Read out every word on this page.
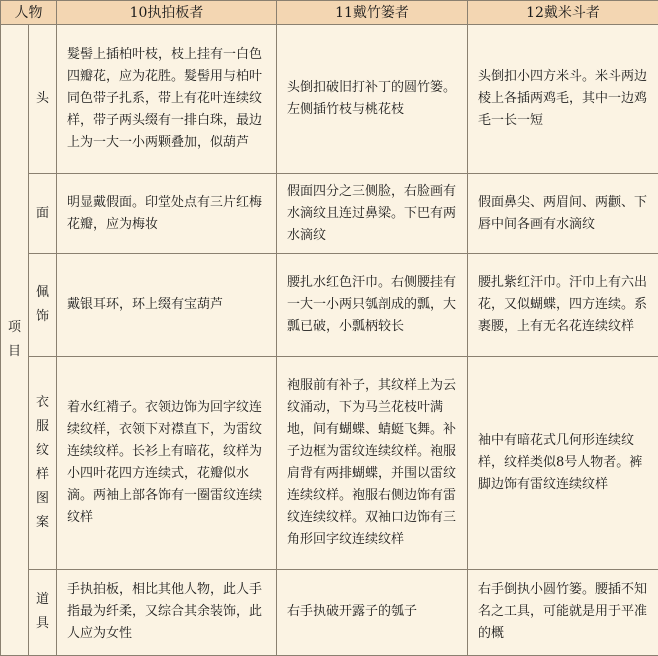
人物		10执拍板者	11戴竹篓者	12戴米斗者
项目	头	髮髻上插柏叶枝，枝上挂有一白色四瓣花，应为花胜。髮髻用与柏叶同色带子扎系，带上有花叶连续纹样，带子两头缀有一排白珠，最边上为一大一小两颗叠加，似葫芦	头倒扣破旧打补丁的圆竹篓。左侧插竹枝与桃花枝	头倒扣小四方米斗。米斗两边棱上各插两鸡毛，其中一边鸡毛一长一短

	面	明显戴假面。印堂处点有三片红梅花瓣，应为梅妆	假面四分之三侧脸，右脸画有水滴纹且连过鼻梁。下巴有两水滴纹	假面鼻尖、两眉间、两颧、下唇中间各画有水滴纹

	佩饰	戴银耳环，环上缀有宝葫芦	腰扎水红色汗巾。右侧腰挂有一大一小两只瓠剖成的瓢，大瓢已破，小瓢柄较长	腰扎紫红汗巾。汗巾上有六出花，又似蝴蝶，四方连续。系裹腰，上有无名花连续纹样

	衣服纹样图案	着水红褙子。衣领边饰为回字纹连续纹样，衣领下对襟直下，为雷纹连续纹样。长衫上有暗花，纹样为小四叶花四方连续式，花瓣似水滴。两袖上部各饰有一圈雷纹连续纹样	袍服前有补子，其纹样上为云纹涌动，下为马兰花枝叶满地，间有蝴蝶、蜻蜓飞舞。补子边框为雷纹连续纹样。袍服肩背有两排蝴蝶，并围以雷纹连续纹样。袍服右侧边饰有雷纹连续纹样。双袖口边饰有三角形回字纹连续纹样	袖中有暗花式几何形连续纹样，纹样类似8号人物者。裤脚边饰有雷纹连续纹样

	道具	手执拍板，相比其他人物，此人手指最为纤柔，又综合其余装饰，此人应为女性	右手执破开露子的瓠子	右手倒执小圆竹篓。腰插不知名之工具，可能就是用于平准的概
